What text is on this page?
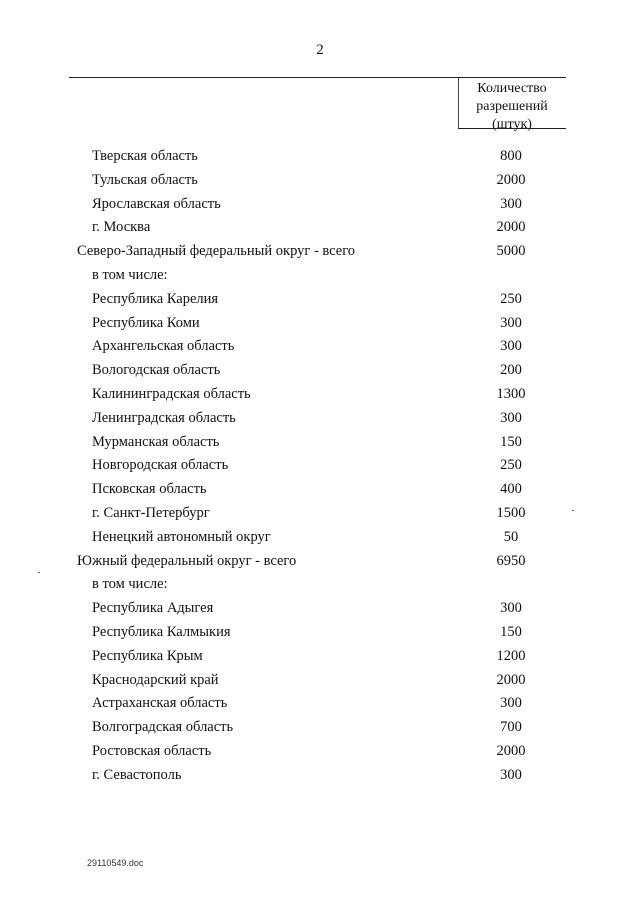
2
Количество
разрешений
(штук)
Тверская область	800
Тульская область	2000
Ярославская область	300
г. Москва	2000
Северо-Западный федеральный округ - всего	5000
в том числе:
Республика Карелия	250
Республика Коми	300
Архангельская область	300
Вологодская область	200
Калининградская область	1300
Ленинградская область	300
Мурманская область	150
Новгородская область	250
Псковская область	400
г. Санкт-Петербург	1500
Ненецкий автономный округ	50
Южный федеральный округ - всего	6950
в том числе:
Республика Адыгея	300
Республика Калмыкия	150
Республика Крым	1200
Краснодарский край	2000
Астраханская область	300
Волгоградская область	700
Ростовская область	2000
г. Севастополь	300
29110549.doc
